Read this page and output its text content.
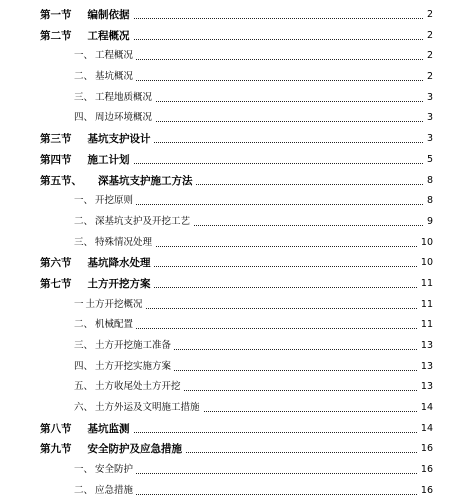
第一节 编制依据	2
第二节 工程概况	2
一、 工程概况	2
二、 基坑概况	2
三、 工程地质概况	3
四、 周边环境概况	3
第三节 基坑支护设计	3
第四节 施工计划	5
第五节、 深基坑支护施工方法	8
一、 开挖原则	8
二、 深基坑支护及开挖工艺	9
三、 特殊情况处理	10
第六节 基坑降水处理	10
第七节 土方开挖方案	11
一 土方开挖概况	11
二、 机械配置	11
三、 土方开挖施工准备	13
四、 土方开挖实施方案	13
五、 土方收尾处土方开挖	13
六、 土方外运及文明施工措施	14
第八节 基坑监测	14
第九节 安全防护及应急措施	16
一、 安全防护	16
二、 应急措施	16
